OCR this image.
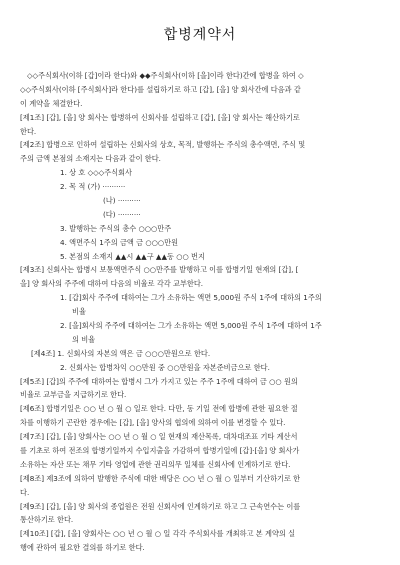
합병계약서
◇◇주식회사(이하 [갑]이라 한다)와 ◆◆주식회사(이하 [을]이라 한다)간에 합병을 하여 ◇
◇◇주식회사(이하 [주식회사]라 한다)를 설립하기로 하고 [갑], [을] 양 회사간에 다음과 같
이 계약을 체결한다.
[제1조] [갑], [을] 양 회사는 합병하여 신회사를 설립하고 [갑], [을] 양 회사는 해산하기로
한다.
[제2조] 합병으로 인하여 설립하는 신회사의 상호, 목적, 발행하는 주식의 총수액면, 주식 및
주의 금액 본점의 소재지는 다음과 같이 한다.
1. 상 호 ◇◇◇주식회사
2. 목 적 (가) ··········
(나) ··········
(다) ··········
3. 발행하는 주식의 총수 ○○○만주
4. 액면주식 1주의 금액 금 ○○○만원
5. 본점의 소재지 ▲▲시 ▲▲구 ▲▲동 ○○ 번지
[제3조] 신회사는 합병시 보통액면주식 ○○만주를 발행하고 이를 합병기일 현재의 [갑], [
을] 양 회사의 주주에 대하여 다음의 비율로 각각 교부한다.
1. [갑]회사 주주에 대하여는 그가 소유하는 액면 5,000원 주식 1주에 대하의 1주의
비율
2. [을]회사의 주주에 대하여는 그가 소유하는 액면 5,000원 주식 1주에 대하여 1주
의 비율
[제4조] 1. 신회사의 자본의 액은 금 ○○○만원으로 한다.
2. 신회사는 합병차익 ○○만원 중 ○○만원을 자본준비금으로 한다.
[제5조] [갑]의 주주에 대하여는 합병시 그가 가지고 있는 주주 1주에 대하여 금 ○○ 원의
비율로 교부금을 지급하기로 한다.
[제6조] 합병기일은 ○○ 년 ○ 월 ○ 일로 한다. 다만, 동 기일 전에 합병에 관한 필요한 절
차를 이행하기 곤란한 경우에는 [갑], [을] 양사의 협의에 의하여 이를 변경할 수 있다.
[제7조] [갑], [을] 양회사는 ○○ 년 ○ 월 ○ 일 현재의 재산목록, 대차대조표 기타 계산서
를 기초로 하여 전조의 합병기일까지 수입지출을 가감하여 합병기일에 [갑]·[을] 양 회사가
소유하는 자산 또는 채무 기타 영업에 관한 권리의무 일체를 신회사에 인계하기로 한다.
[제8조] 제3조에 의하여 발행한 주식에 대한 배당은 ○○ 년 ○ 월 ○ 일부터 기산하기로 한
다.
[제9조] [갑], [을] 양 회사의 종업원은 전원 신회사에 인계하기로 하고 그 근속연수는 이를
통산하기로 한다.
[제10조] [갑], [을] 양회사는 ○○ 년 ○ 월 ○ 일 각각 주식회사를 개최하고 본 계약의 실
행에 관하여 필요한 결의를 하기로 한다.
